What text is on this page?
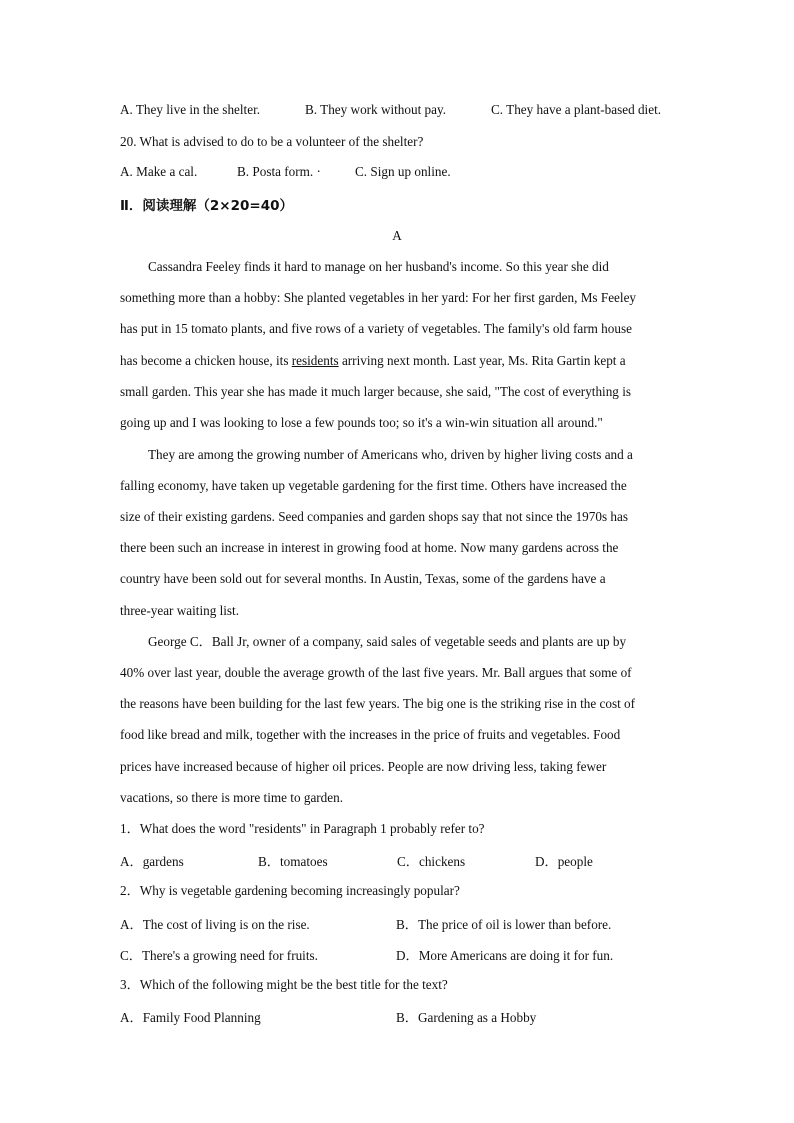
A. They live in the shelter.	B. They work without pay.	C. They have a plant-based diet.
20. What is advised to do to be a volunteer of the shelter?
A. Make a cal.	B. Posta form. ·	C. Sign up online.
Ⅱ．阅读理解（2×20=40）
A
Cassandra Feeley finds it hard to manage on her husband's income. So this year she did
something more than a hobby: She planted vegetables in her yard: For her first garden, Ms Feeley
has put in 15 tomato plants, and five rows of a variety of vegetables. The family's old farm house
has become a chicken house, its residents arriving next month. Last year, Ms. Rita Gartin kept a
small garden. This year she has made it much larger because, she said, "The cost of everything is
going up and I was looking to lose a few pounds too; so it's a win-win situation all around."
They are among the growing number of Americans who, driven by higher living costs and a
falling economy, have taken up vegetable gardening for the first time. Others have increased the
size of their existing gardens. Seed companies and garden shops say that not since the 1970s has
there been such an increase in interest in growing food at home. Now many gardens across the
country have been sold out for several months. In Austin, Texas, some of the gardens have a
three-year waiting list.
George C．Ball Jr, owner of a company, said sales of vegetable seeds and plants are up by
40% over last year, double the average growth of the last five years. Mr. Ball argues that some of
the reasons have been building for the last few years. The big one is the striking rise in the cost of
food like bread and milk, together with the increases in the price of fruits and vegetables. Food
prices have increased because of higher oil prices. People are now driving less, taking fewer
vacations, so there is more time to garden.
1．What does the word "residents" in Paragraph 1 probably refer to?
A．gardens	B．tomatoes	C．chickens	D．people
2．Why is vegetable gardening becoming increasingly popular?
A．The cost of living is on the rise.	B．The price of oil is lower than before.
C．There's a growing need for fruits.	D．More Americans are doing it for fun.
3．Which of the following might be the best title for the text?
A．Family Food Planning	B．Gardening as a Hobby
